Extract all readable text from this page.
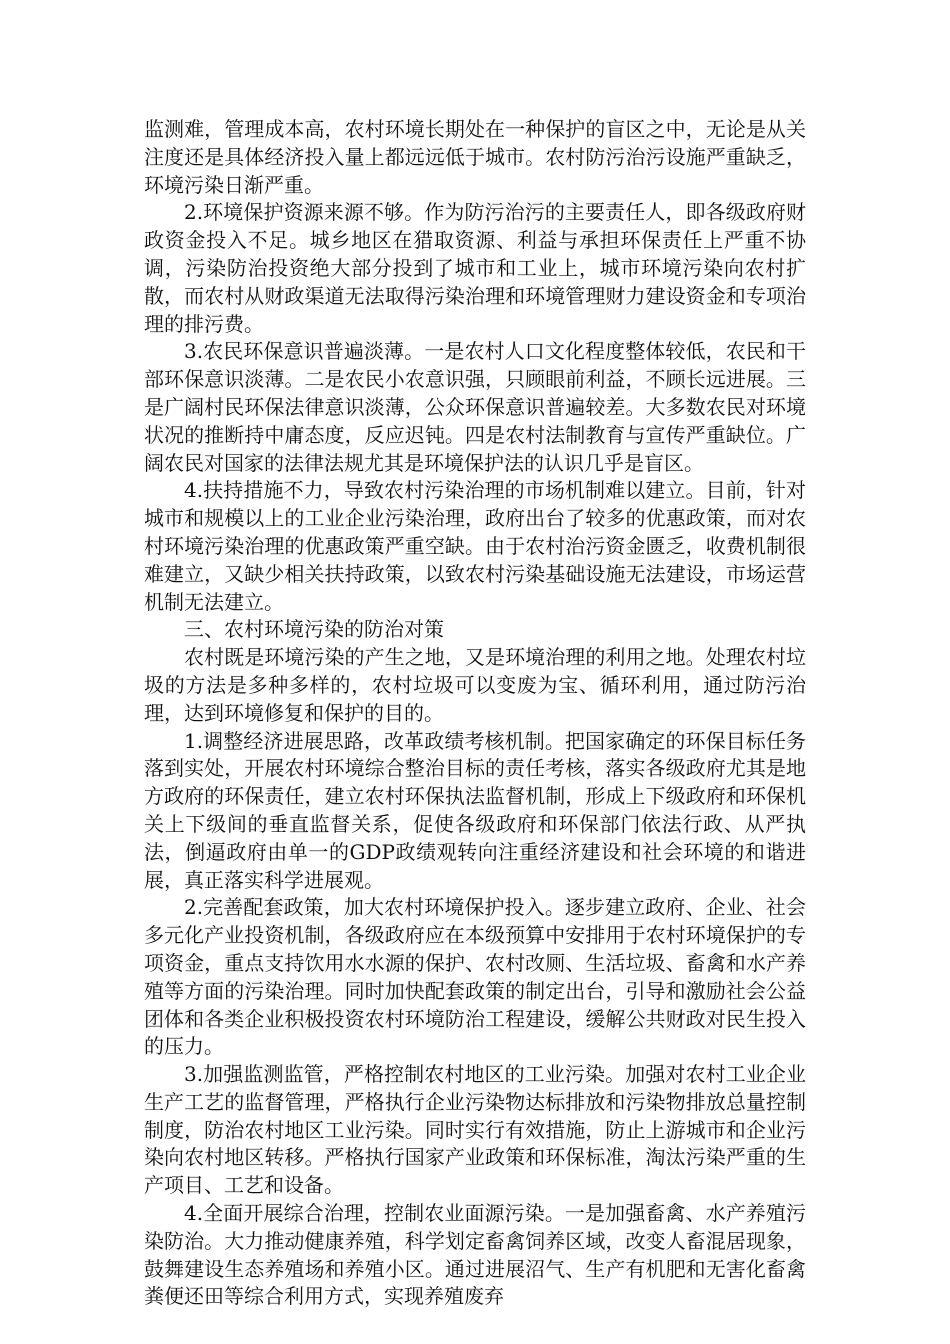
监测难，管理成本高，农村环境长期处在一种保护的盲区之中，无论是从关注度还是具体经济投入量上都远远低于城市。农村防污治污设施严重缺乏，环境污染日渐严重。

2.环境保护资源来源不够。作为防污治污的主要责任人，即各级政府财政资金投入不足。城乡地区在猎取资源、利益与承担环保责任上严重不协调，污染防治投资绝大部分投到了城市和工业上，城市环境污染向农村扩散，而农村从财政渠道无法取得污染治理和环境管理财力建设资金和专项治理的排污费。

3.农民环保意识普遍淡薄。一是农村人口文化程度整体较低，农民和干部环保意识淡薄。二是农民小农意识强，只顾眼前利益，不顾长远进展。三是广阔村民环保法律意识淡薄，公众环保意识普遍较差。大多数农民对环境状况的推断持中庸态度，反应迟钝。四是农村法制教育与宣传严重缺位。广阔农民对国家的法律法规尤其是环境保护法的认识几乎是盲区。

4.扶持措施不力，导致农村污染治理的市场机制难以建立。目前，针对城市和规模以上的工业企业污染治理，政府出台了较多的优惠政策，而对农村环境污染治理的优惠政策严重空缺。由于农村治污资金匮乏，收费机制很难建立，又缺少相关扶持政策，以致农村污染基础设施无法建设，市场运营机制无法建立。

三、农村环境污染的防治对策

农村既是环境污染的产生之地，又是环境治理的利用之地。处理农村垃圾的方法是多种多样的，农村垃圾可以变废为宝、循环利用，通过防污治理，达到环境修复和保护的目的。

1.调整经济进展思路，改革政绩考核机制。把国家确定的环保目标任务落到实处，开展农村环境综合整治目标的责任考核，落实各级政府尤其是地方政府的环保责任，建立农村环保执法监督机制，形成上下级政府和环保机关上下级间的垂直监督关系，促使各级政府和环保部门依法行政、从严执法，倒逼政府由单一的GDP政绩观转向注重经济建设和社会环境的和谐进展，真正落实科学进展观。

2.完善配套政策，加大农村环境保护投入。逐步建立政府、企业、社会多元化产业投资机制，各级政府应在本级预算中安排用于农村环境保护的专项资金，重点支持饮用水水源的保护、农村改厕、生活垃圾、畜禽和水产养殖等方面的污染治理。同时加快配套政策的制定出台，引导和激励社会公益团体和各类企业积极投资农村环境防治工程建设，缓解公共财政对民生投入的压力。

3.加强监测监管，严格控制农村地区的工业污染。加强对农村工业企业生产工艺的监督管理，严格执行企业污染物达标排放和污染物排放总量控制制度，防治农村地区工业污染。同时实行有效措施，防止上游城市和企业污染向农村地区转移。严格执行国家产业政策和环保标准，淘汰污染严重的生产项目、工艺和设备。

4.全面开展综合治理，控制农业面源污染。一是加强畜禽、水产养殖污染防治。大力推动健康养殖，科学划定畜禽饲养区域，改变人畜混居现象，鼓舞建设生态养殖场和养殖小区。通过进展沼气、生产有机肥和无害化畜禽粪便还田等综合利用方式，实现养殖废弃
